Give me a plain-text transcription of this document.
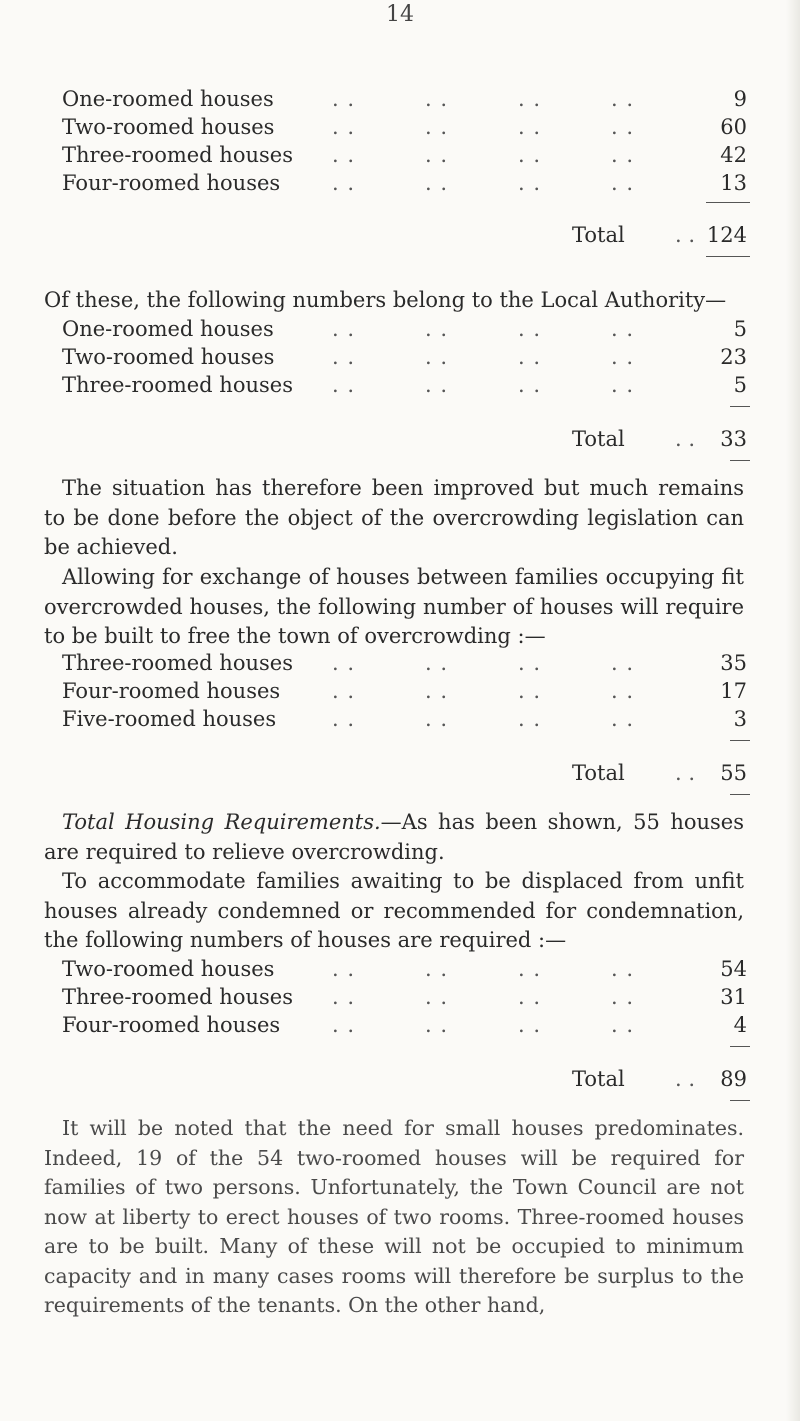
14
One-roomed houses	. .	. .	. .	. .	9
Two-roomed houses	. .	. .	. .	. .	60
Three-roomed houses . .	. .	. .	. .	42
Four-roomed houses . .	. .	. .	. .	13
Total . . 124
Of these, the following numbers belong to the Local Authority—
One-roomed houses	. .	. .	. .	. .	5
Two-roomed houses	. .	. .	. .	. .	23
Three-roomed houses . .	. .	. .	. .	5
Total . . 33
The situation has therefore been improved but much remains to be done before the object of the overcrowding legislation can be achieved.
Allowing for exchange of houses between families occupying fit overcrowded houses, the following number of houses will require to be built to free the town of overcrowding :—
Three-roomed houses . .	. .	. .	. .	35
Four-roomed houses . .	. .	. .	. .	17
Five-roomed houses	. .	. .	. .	. .	3
Total . . 55
Total Housing Requirements.—As has been shown, 55 houses are required to relieve overcrowding.
To accommodate families awaiting to be displaced from unfit houses already condemned or recommended for condemnation, the following numbers of houses are required :—
Two-roomed houses	. .	. .	. .	. .	54
Three-roomed houses . .	. .	. .	. .	31
Four-roomed houses . .	. .	. .	. .	4
Total . . 89
It will be noted that the need for small houses predominates. Indeed, 19 of the 54 two-roomed houses will be required for families of two persons. Unfortunately, the Town Council are not now at liberty to erect houses of two rooms. Three-roomed houses are to be built. Many of these will not be occupied to minimum capacity and in many cases rooms will therefore be surplus to the requirements of the tenants. On the other hand,
